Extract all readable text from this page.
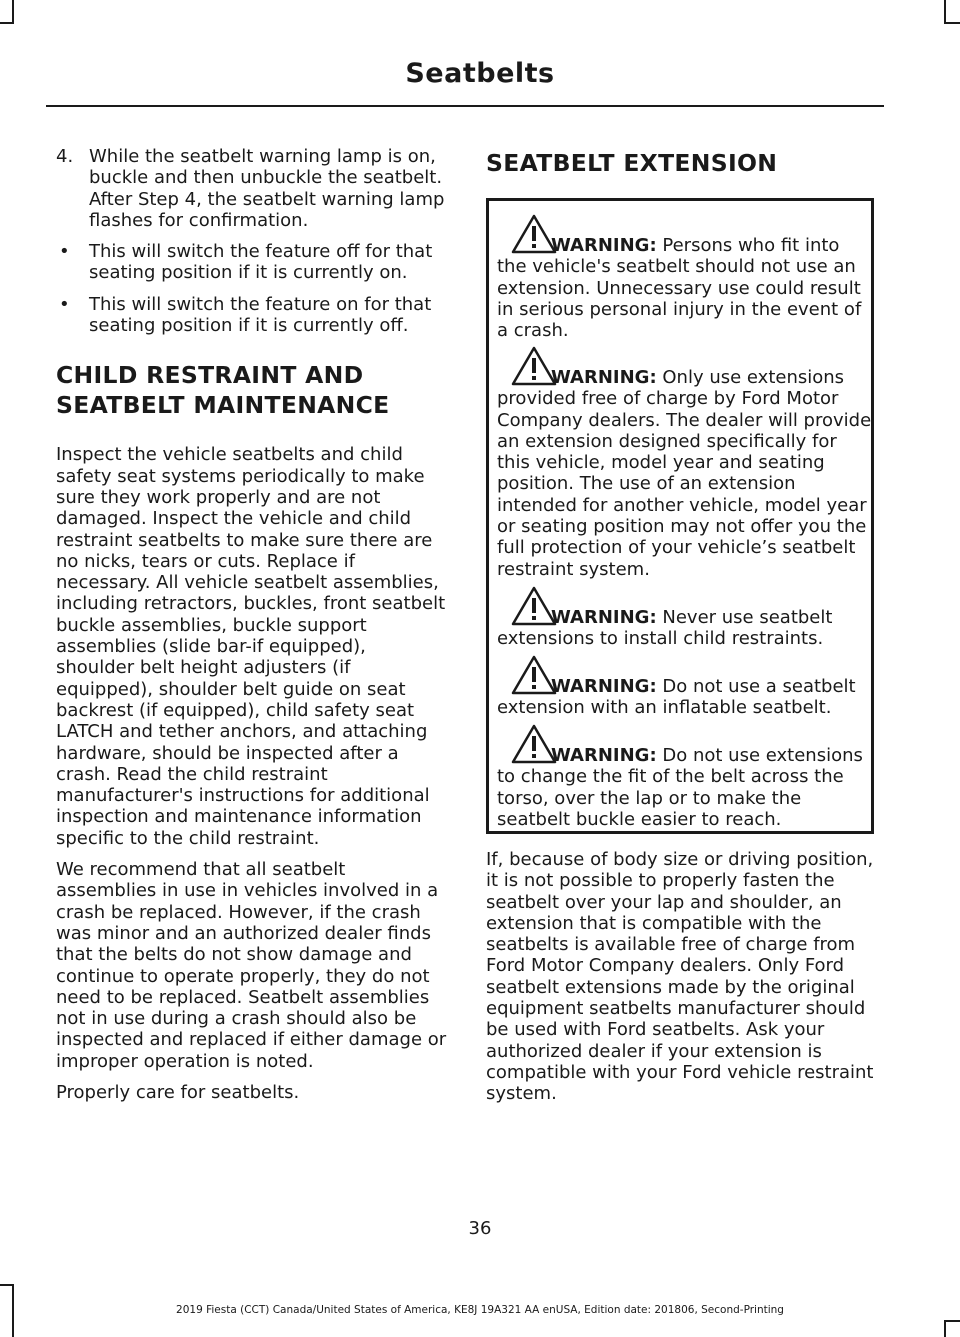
Seatbelts
4. While the seatbelt warning lamp is on, buckle and then unbuckle the seatbelt. After Step 4, the seatbelt warning lamp flashes for confirmation.
• This will switch the feature off for that seating position if it is currently on.
• This will switch the feature on for that seating position if it is currently off.
CHILD RESTRAINT AND
SEATBELT MAINTENANCE

Inspect the vehicle seatbelts and child safety seat systems periodically to make sure they work properly and are not damaged. Inspect the vehicle and child restraint seatbelts to make sure there are no nicks, tears or cuts. Replace if necessary. All vehicle seatbelt assemblies, including retractors, buckles, front seatbelt buckle assemblies, buckle support assemblies (slide bar-if equipped), shoulder belt height adjusters (if equipped), shoulder belt guide on seat backrest (if equipped), child safety seat LATCH and tether anchors, and attaching hardware, should be inspected after a crash. Read the child restraint manufacturer's instructions for additional inspection and maintenance information specific to the child restraint.

We recommend that all seatbelt assemblies in use in vehicles involved in a crash be replaced. However, if the crash was minor and an authorized dealer finds that the belts do not show damage and continue to operate properly, they do not need to be replaced. Seatbelt assemblies not in use during a crash should also be inspected and replaced if either damage or improper operation is noted.

Properly care for seatbelts.

SEATBELT EXTENSION
WARNING: Persons who fit into the vehicle's seatbelt should not use an extension. Unnecessary use could result in serious personal injury in the event of a crash.
WARNING: Only use extensions provided free of charge by Ford Motor Company dealers. The dealer will provide an extension designed specifically for this vehicle, model year and seating position. The use of an extension intended for another vehicle, model year or seating position may not offer you the full protection of your vehicle’s seatbelt restraint system.
WARNING: Never use seatbelt extensions to install child restraints.
WARNING: Do not use a seatbelt extension with an inflatable seatbelt.
WARNING: Do not use extensions to change the fit of the belt across the torso, over the lap or to make the seatbelt buckle easier to reach.

If, because of body size or driving position, it is not possible to properly fasten the seatbelt over your lap and shoulder, an extension that is compatible with the seatbelts is available free of charge from Ford Motor Company dealers. Only Ford seatbelt extensions made by the original equipment seatbelts manufacturer should be used with Ford seatbelts. Ask your authorized dealer if your extension is compatible with your Ford vehicle restraint system.

36
2019 Fiesta (CCT) Canada/United States of America, KE8J 19A321 AA enUSA, Edition date: 201806, Second-Printing
